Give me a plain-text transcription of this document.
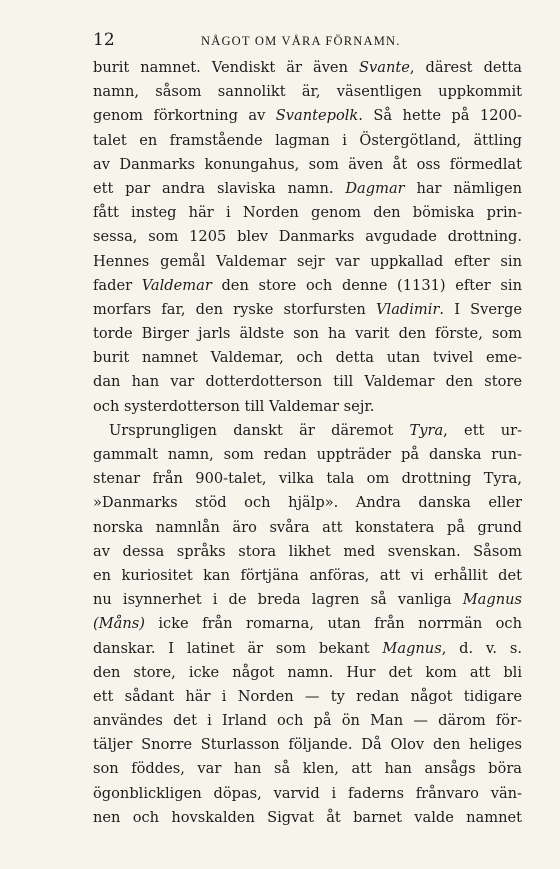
12	NÅGOT OM VÅRA FÖRNAMN.
burit namnet. Vendiskt är även Svante, därest detta
namn, såsom sannolikt är, väsentligen uppkommit
genom förkortning av Svantepolk. Så hette på 1200-
talet en framstående lagman i Östergötland, ättling
av Danmarks konungahus, som även åt oss förmedlat
ett par andra slaviska namn. Dagmar har nämligen
fått insteg här i Norden genom den bömiska prin-
sessa, som 1205 blev Danmarks avgudade drottning.
Hennes gemål Valdemar sejr var uppkallad efter sin
fader Valdemar den store och denne (1131) efter sin
morfars far, den ryske storfursten Vladimir. I Sverge
torde Birger jarls äldste son ha varit den förste, som
burit namnet Valdemar, och detta utan tvivel eme-
dan han var dotterdotterson till Valdemar den store
och systerdotterson till Valdemar sejr.
Ursprungligen danskt är däremot Tyra, ett ur-
gammalt namn, som redan uppträder på danska run-
stenar från 900-talet, vilka tala om drottning Tyra,
»Danmarks stöd och hjälp». Andra danska eller
norska namnlån äro svåra att konstatera på grund
av dessa språks stora likhet med svenskan. Såsom
en kuriositet kan förtjäna anföras, att vi erhållit det
nu isynnerhet i de breda lagren så vanliga Magnus
(Måns) icke från romarna, utan från norrmän och
danskar. I latinet är som bekant Magnus, d. v. s.
den store, icke något namn. Hur det kom att bli
ett sådant här i Norden — ty redan något tidigare
användes det i Irland och på ön Man — därom för-
täljer Snorre Sturlasson följande. Då Olov den heliges
son föddes, var han så klen, att han ansågs böra
ögonblickligen döpas, varvid i faderns frånvaro vän-
nen och hovskalden Sigvat åt barnet valde namnet
